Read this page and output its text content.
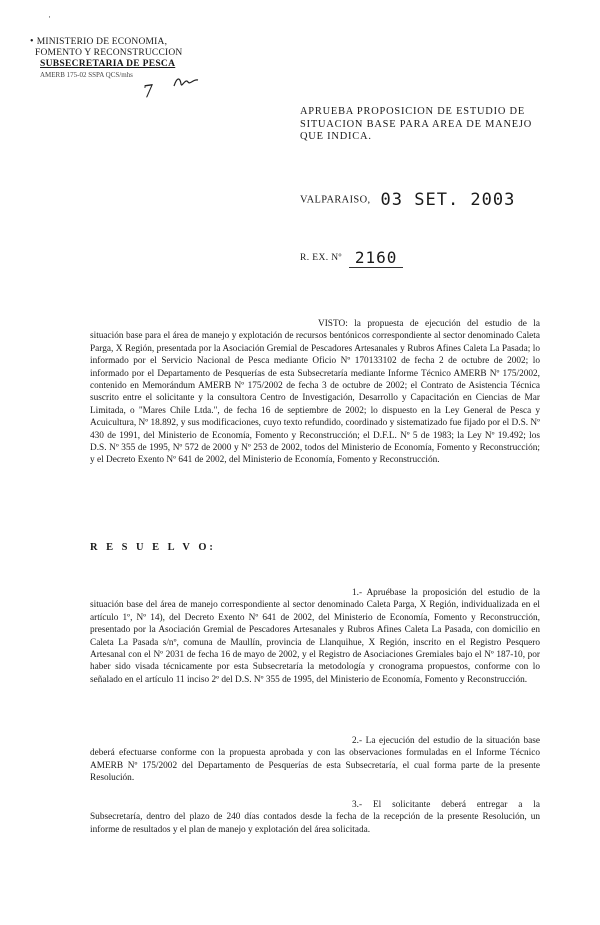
·
• MINISTERIO DE ECONOMIA,
FOMENTO Y RECONSTRUCCION
SUBSECRETARIA DE PESCA
AMERB 175-02 SSPA QCS/mhs
7
APRUEBA PROPOSICION DE ESTUDIO DE SITUACION BASE PARA AREA DE MANEJO QUE INDICA.
VALPARAISO, 03 SET. 2003
R. EX. Nº 2160
VISTO: la propuesta de ejecución del estudio de la situación base para el área de manejo y explotación de recursos bentónicos correspondiente al sector denominado Caleta Parga, X Región, presentada por la Asociación Gremial de Pescadores Artesanales y Rubros Afines Caleta La Pasada; lo informado por el Servicio Nacional de Pesca mediante Oficio Nº 170133102 de fecha 2 de octubre de 2002; lo informado por el Departamento de Pesquerías de esta Subsecretaría mediante Informe Técnico AMERB Nº 175/2002, contenido en Memorándum AMERB Nº 175/2002 de fecha 3 de octubre de 2002; el Contrato de Asistencia Técnica suscrito entre el solicitante y la consultora Centro de Investigación, Desarrollo y Capacitación en Ciencias de Mar Limitada, o "Mares Chile Ltda.", de fecha 16 de septiembre de 2002; lo dispuesto en la Ley General de Pesca y Acuicultura, Nº 18.892, y sus modificaciones, cuyo texto refundido, coordinado y sistematizado fue fijado por el D.S. Nº 430 de 1991, del Ministerio de Economía, Fomento y Reconstrucción; el D.F.L. Nº 5 de 1983; la Ley Nº 19.492; los D.S. Nº 355 de 1995, Nº 572 de 2000 y Nº 253 de 2002, todos del Ministerio de Economía, Fomento y Reconstrucción; y el Decreto Exento Nº 641 de 2002, del Ministerio de Economía, Fomento y Reconstrucción.
R E S U E L V O:
1.- Apruébase la proposición del estudio de la situación base del área de manejo correspondiente al sector denominado Caleta Parga, X Región, individualizada en el artículo 1º, Nº 14), del Decreto Exento Nº 641 de 2002, del Ministerio de Economía, Fomento y Reconstrucción, presentado por la Asociación Gremial de Pescadores Artesanales y Rubros Afines Caleta La Pasada, con domicilio en Caleta La Pasada s/nº, comuna de Maullín, provincia de Llanquihue, X Región, inscrito en el Registro Pesquero Artesanal con el Nº 2031 de fecha 16 de mayo de 2002, y el Registro de Asociaciones Gremiales bajo el Nº 187-10, por haber sido visada técnicamente por esta Subsecretaría la metodología y cronograma propuestos, conforme con lo señalado en el artículo 11 inciso 2º del D.S. Nº 355 de 1995, del Ministerio de Economía, Fomento y Reconstrucción.
2.- La ejecución del estudio de la situación base deberá efectuarse conforme con la propuesta aprobada y con las observaciones formuladas en el Informe Técnico AMERB Nº 175/2002 del Departamento de Pesquerías de esta Subsecretaría, el cual forma parte de la presente Resolución.
3.- El solicitante deberá entregar a la Subsecretaría, dentro del plazo de 240 días contados desde la fecha de la recepción de la presente Resolución, un informe de resultados y el plan de manejo y explotación del área solicitada.
